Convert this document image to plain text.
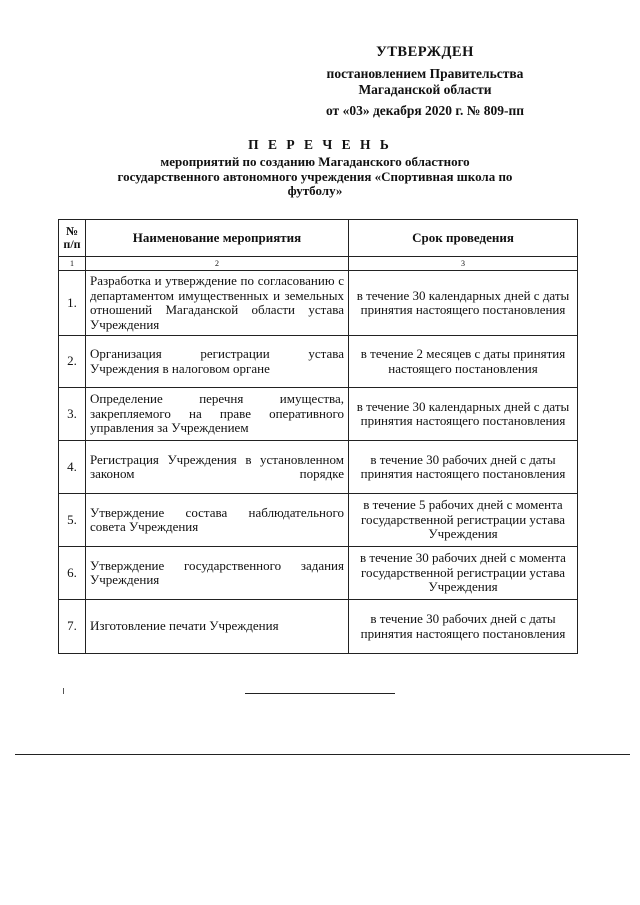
УТВЕРЖДЕН
постановлением Правительства
Магаданской области
от «03» декабря 2020 г. № 809-пп
П Е Р Е Ч Е Н Ь
мероприятий по созданию Магаданского областного государственного автономного учреждения «Спортивная школа по футболу»
№ п/п	Наименование мероприятия	Срок проведения
1	2	3
1.	Разработка и утверждение по согласованию с департаментом имущественных и земельных отношений Магаданской области устава Учреждения	в течение 30 календарных дней с даты принятия настоящего постановления
2.	Организация регистрации устава Учреждения в налоговом органе	в течение 2 месяцев с даты принятия настоящего постановления
3.	Определение перечня имущества, закрепляемого на праве оперативного управления за Учреждением	в течение 30 календарных дней с даты принятия настоящего постановления
4.	Регистрация Учреждения в установленном законом порядке	в течение 30 рабочих дней с даты принятия настоящего постановления
5.	Утверждение состава наблюдательного совета Учреждения	в течение 5 рабочих дней с момента государственной регистрации устава Учреждения
6.	Утверждение государственного задания Учреждения	в течение 30 рабочих дней с момента государственной регистрации устава Учреждения
7.	Изготовление печати Учреждения	в течение 30 рабочих дней с даты принятия настоящего постановления
